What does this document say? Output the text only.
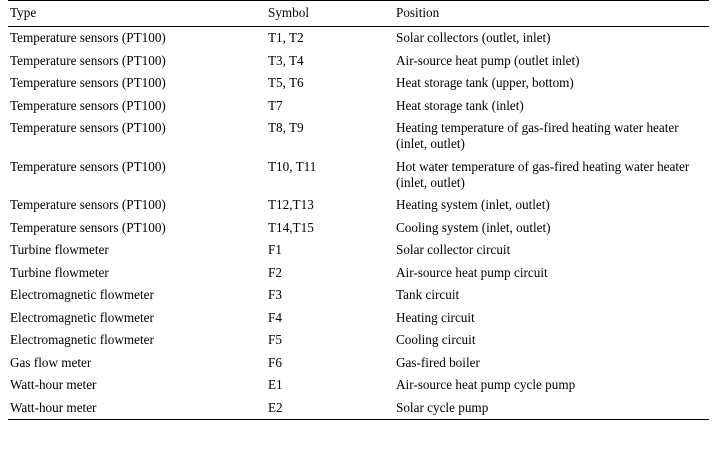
Type	Symbol	Position
Temperature sensors (PT100)	T1, T2	Solar collectors (outlet, inlet)
Temperature sensors (PT100)	T3, T4	Air-source heat pump (outlet inlet)
Temperature sensors (PT100)	T5, T6	Heat storage tank (upper, bottom)
Temperature sensors (PT100)	T7	Heat storage tank (inlet)
Temperature sensors (PT100)	T8, T9	Heating temperature of gas-fired heating water heater (inlet, outlet)
Temperature sensors (PT100)	T10, T11	Hot water temperature of gas-fired heating water heater (inlet, outlet)
Temperature sensors (PT100)	T12,T13	Heating system (inlet, outlet)
Temperature sensors (PT100)	T14,T15	Cooling system (inlet, outlet)
Turbine flowmeter	F1	Solar collector circuit
Turbine flowmeter	F2	Air-source heat pump circuit
Electromagnetic flowmeter	F3	Tank circuit
Electromagnetic flowmeter	F4	Heating circuit
Electromagnetic flowmeter	F5	Cooling circuit
Gas flow meter	F6	Gas-fired boiler
Watt-hour meter	E1	Air-source heat pump cycle pump
Watt-hour meter	E2	Solar cycle pump
